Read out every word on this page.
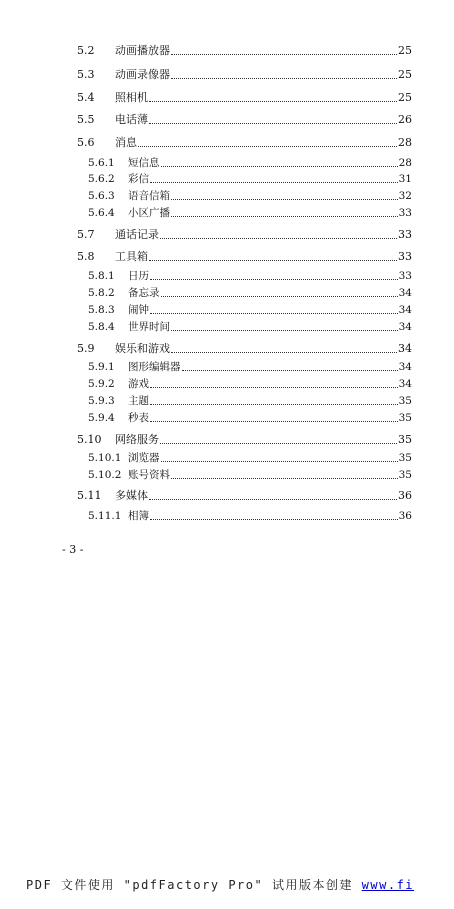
5.2	动画播放器	25
5.3	动画录像器	25
5.4	照相机	25
5.5	电话薄	26
5.6	消息	28
5.6.1	短信息	28
5.6.2	彩信	31
5.6.3	语音信箱	32
5.6.4	小区广播	33
5.7	通话记录	33
5.8	工具箱	33
5.8.1	日历	33
5.8.2	备忘录	34
5.8.3	闹钟	34
5.8.4	世界时间	34
5.9	娱乐和游戏	34
5.9.1	图形编辑器	34
5.9.2	游戏	34
5.9.3	主题	35
5.9.4	秒表	35
5.10	网络服务	35
5.10.1 浏览器	35
5.10.2 账号资料	35
5.11	多媒体	36
5.11.1 相簿	36
- 3 -
PDF 文件使用 "pdfFactory Pro" 试用版本创建 www.fi
